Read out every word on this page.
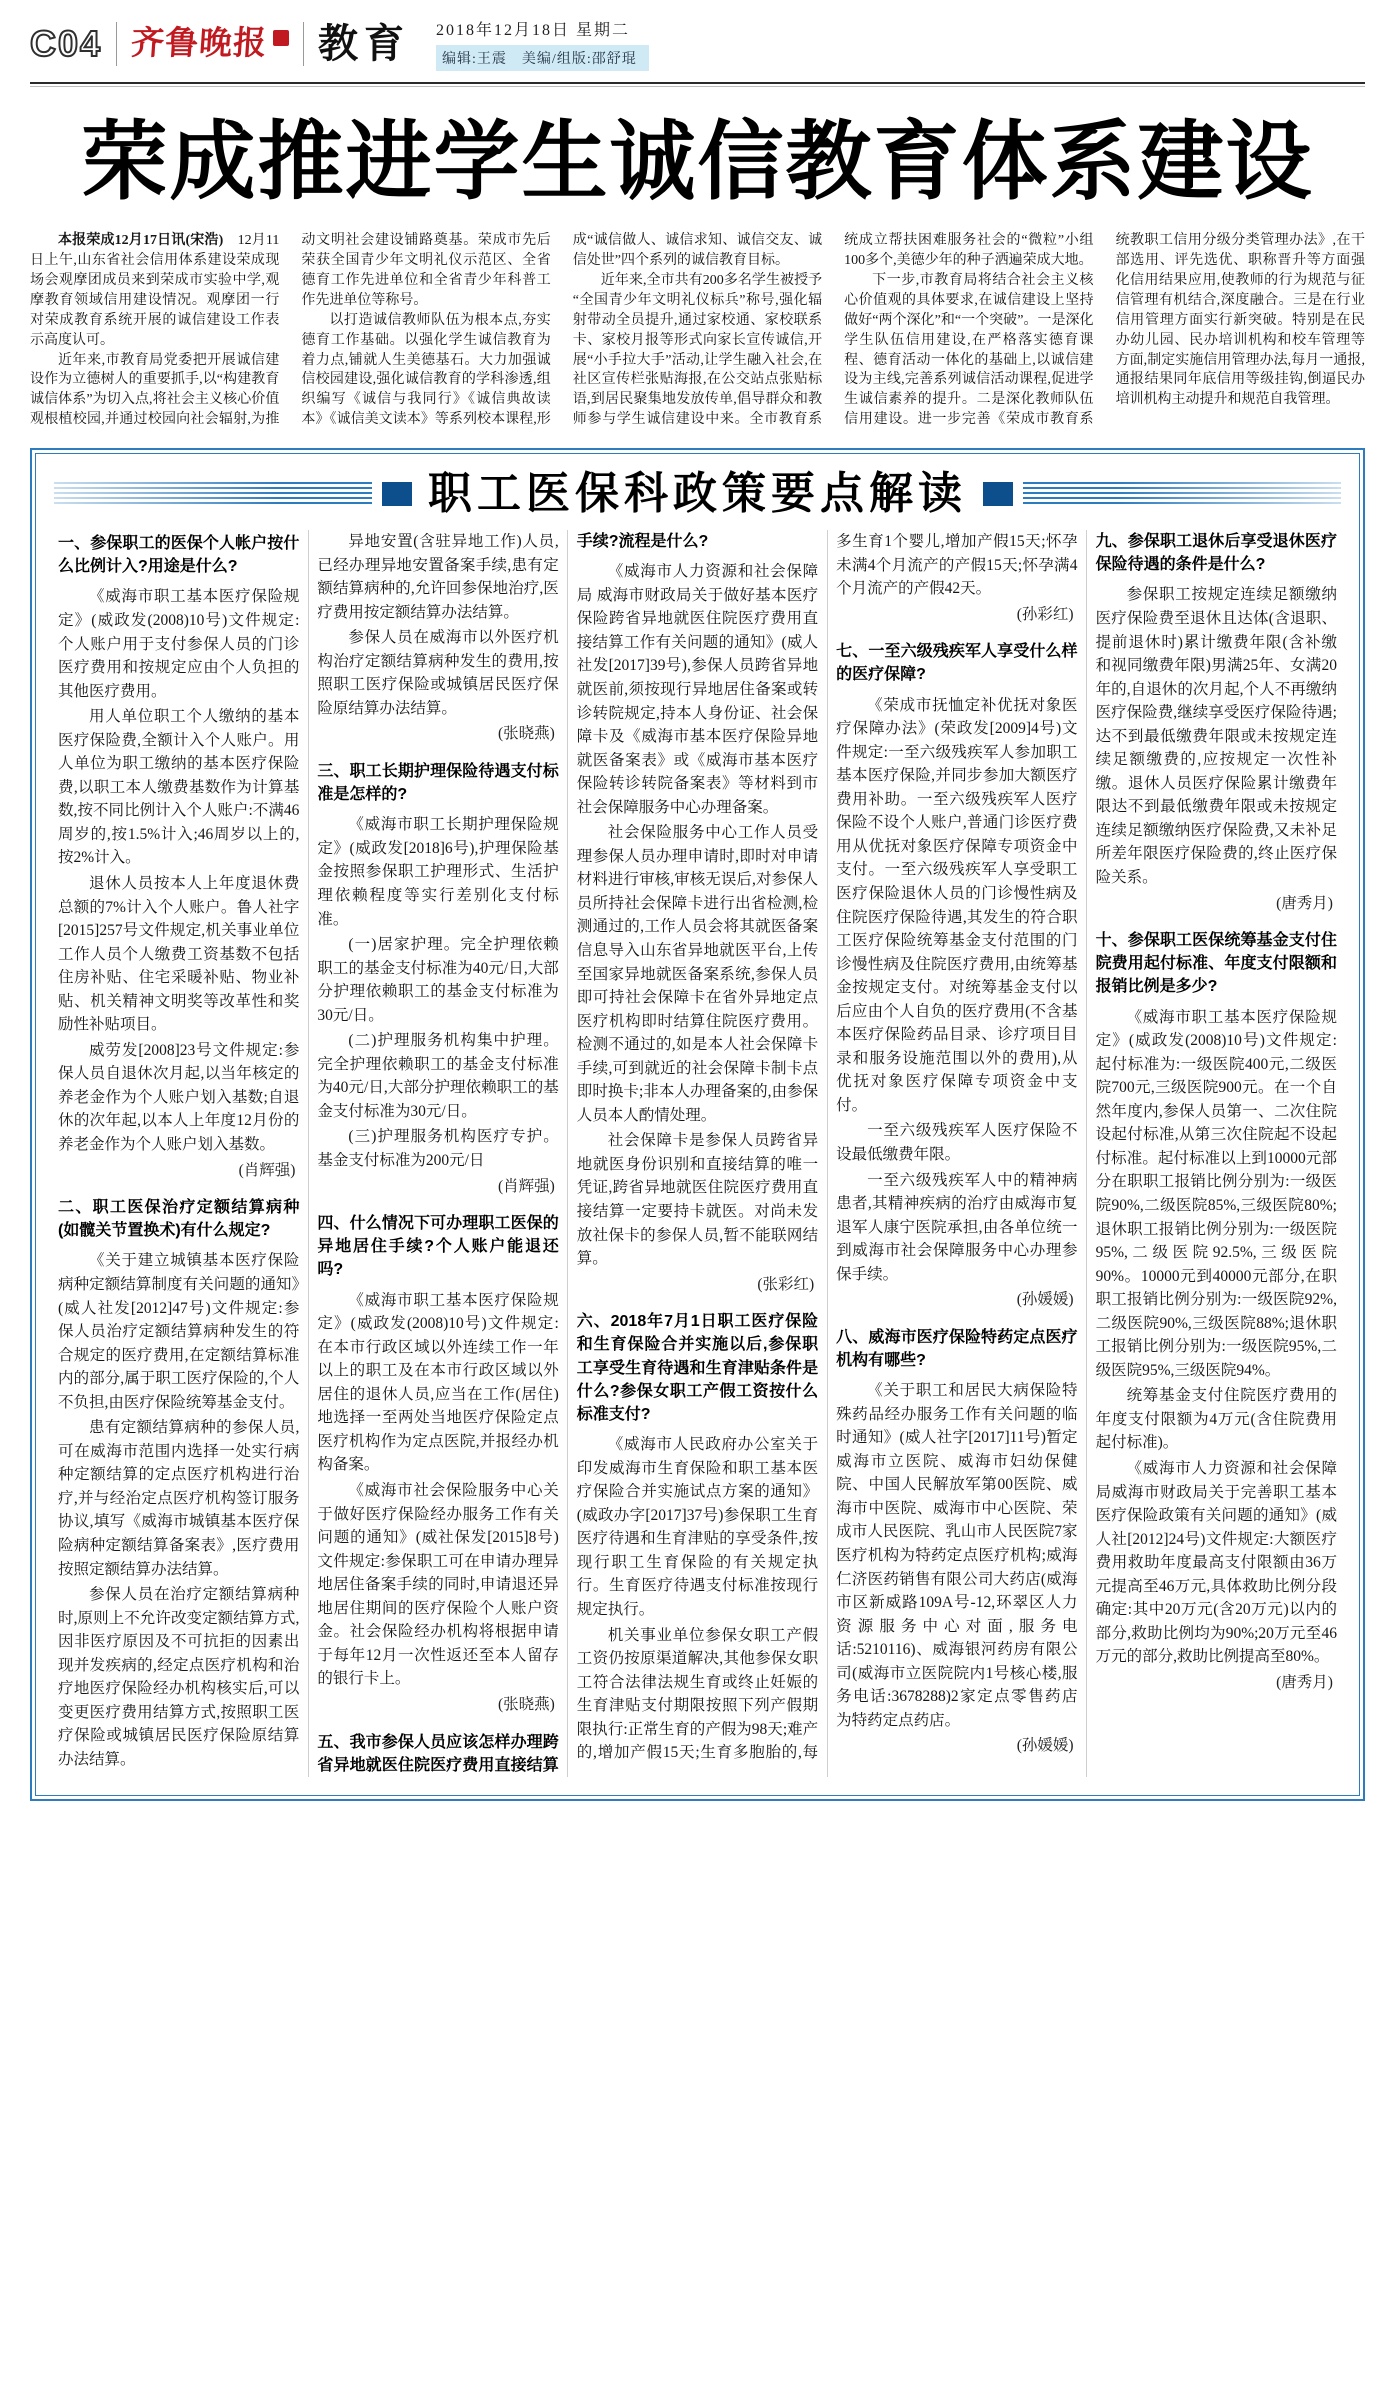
C04 齐鲁晚报 教育 2018年12月18日 星期二
编辑:王震　美编/组版:邵舒琨
荣成推进学生诚信教育体系建设

本报荣成12月17日讯(宋浩)　12月11日上午,山东省社会信用体系建设荣成现场会观摩团成员来到荣成市实验中学,观摩教育领域信用建设情况。观摩团一行对荣成教育系统开展的诚信建设工作表示高度认可。

近年来,市教育局党委把开展诚信建设作为立德树人的重要抓手,以“构建教育诚信体系”为切入点,将社会主义核心价值观根植校园,并通过校园向社会辐射,为推动文明社会建设铺路奠基。荣成市先后荣获全国青少年文明礼仪示范区、全省德育工作先进单位和全省青少年科普工作先进单位等称号。

以打造诚信教师队伍为根本点,夯实德育工作基础。以强化学生诚信教育为着力点,铺就人生美德基石。大力加强诚信校园建设,强化诚信教育的学科渗透,组织编写《诚信与我同行》《诚信典故读本》《诚信美文读本》等系列校本课程,形成“诚信做人、诚信求知、诚信交友、诚信处世”四个系列的诚信教育目标。

近年来,全市共有200多名学生被授予“全国青少年文明礼仪标兵”称号,强化辐射带动全员提升,通过家校通、家校联系卡、家校月报等形式向家长宣传诚信,开展“小手拉大手”活动,让学生融入社会,在社区宣传栏张贴海报,在公交站点张贴标语,到居民聚集地发放传单,倡导群众和教师参与学生诚信建设中来。全市教育系统成立帮扶困难服务社会的“微粒”小组100多个,美德少年的种子洒遍荣成大地。

下一步,市教育局将结合社会主义核心价值观的具体要求,在诚信建设上坚持做好“两个深化”和“一个突破”。一是深化学生队伍信用建设,在严格落实德育课程、德育活动一体化的基础上,以诚信建设为主线,完善系列诚信活动课程,促进学生诚信素养的提升。二是深化教师队伍信用建设。进一步完善《荣成市教育系统教职工信用分级分类管理办法》,在干部选用、评先选优、职称晋升等方面强化信用结果应用,使教师的行为规范与征信管理有机结合,深度融合。三是在行业信用管理方面实行新突破。特别是在民办幼儿园、民办培训机构和校车管理等方面,制定实施信用管理办法,每月一通报,通报结果同年底信用等级挂钩,倒逼民办培训机构主动提升和规范自我管理。

职工医保科政策要点解读
一、参保职工的医保个人帐户按什么比例计入?用途是什么?

《威海市职工基本医疗保险规定》(威政发(2008)10号)文件规定:个人账户用于支付参保人员的门诊医疗费用和按规定应由个人负担的其他医疗费用。

用人单位职工个人缴纳的基本医疗保险费,全额计入个人账户。用人单位为职工缴纳的基本医疗保险费,以职工本人缴费基数作为计算基数,按不同比例计入个人账户:不满46周岁的,按1.5%计入;46周岁以上的,按2%计入。

退休人员按本人上年度退休费总额的7%计入个人账户。鲁人社字[2015]257号文件规定,机关事业单位工作人员个人缴费工资基数不包括住房补贴、住宅采暖补贴、物业补贴、机关精神文明奖等改革性和奖励性补贴项目。

威劳发[2008]23号文件规定:参保人员自退休次月起,以当年核定的养老金作为个人账户划入基数;自退休的次年起,以本人上年度12月份的养老金作为个人账户划入基数。

(肖辉强)

二、职工医保治疗定额结算病种(如髋关节置换术)有什么规定?

《关于建立城镇基本医疗保险病种定额结算制度有关问题的通知》(威人社发[2012]47号)文件规定:参保人员治疗定额结算病种发生的符合规定的医疗费用,在定额结算标准内的部分,属于职工医疗保险的,个人不负担,由医疗保险统筹基金支付。

患有定额结算病种的参保人员,可在威海市范围内选择一处实行病种定额结算的定点医疗机构进行治疗,并与经治定点医疗机构签订服务协议,填写《威海市城镇基本医疗保险病种定额结算备案表》,医疗费用按照定额结算办法结算。

参保人员在治疗定额结算病种时,原则上不允许改变定额结算方式,因非医疗原因及不可抗拒的因素出现并发疾病的,经定点医疗机构和治疗地医疗保险经办机构核实后,可以变更医疗费用结算方式,按照职工医疗保险或城镇居民医疗保险原结算办法结算。

异地安置(含驻异地工作)人员,已经办理异地安置备案手续,患有定额结算病种的,允许回参保地治疗,医疗费用按定额结算办法结算。

参保人员在威海市以外医疗机构治疗定额结算病种发生的费用,按照职工医疗保险或城镇居民医疗保险原结算办法结算。

(张晓燕)

三、职工长期护理保险待遇支付标准是怎样的?

《威海市职工长期护理保险规定》(威政发[2018]6号),护理保险基金按照参保职工护理形式、生活护理依赖程度等实行差别化支付标准。

(一)居家护理。完全护理依赖职工的基金支付标准为40元/日,大部分护理依赖职工的基金支付标准为30元/日。

(二)护理服务机构集中护理。完全护理依赖职工的基金支付标准为40元/日,大部分护理依赖职工的基金支付标准为30元/日。

(三)护理服务机构医疗专护。基金支付标准为200元/日

(肖辉强)

四、什么情况下可办理职工医保的异地居住手续?个人账户能退还吗?

《威海市职工基本医疗保险规定》(威政发(2008)10号)文件规定:在本市行政区域以外连续工作一年以上的职工及在本市行政区域以外居住的退休人员,应当在工作(居住)地选择一至两处当地医疗保险定点医疗机构作为定点医院,并报经办机构备案。

《威海市社会保险服务中心关于做好医疗保险经办服务工作有关问题的通知》(威社保发[2015]8号)文件规定:参保职工可在申请办理异地居住备案手续的同时,申请退还异地居住期间的医疗保险个人账户资金。社会保险经办机构将根据申请于每年12月一次性返还至本人留存的银行卡上。

(张晓燕)

五、我市参保人员应该怎样办理跨省异地就医住院医疗费用直接结算手续?流程是什么?

《威海市人力资源和社会保障局 威海市财政局关于做好基本医疗保险跨省异地就医住院医疗费用直接结算工作有关问题的通知》(威人社发[2017]39号),参保人员跨省异地就医前,须按现行异地居住备案或转诊转院规定,持本人身份证、社会保障卡及《威海市基本医疗保险异地就医备案表》或《威海市基本医疗保险转诊转院备案表》等材料到市社会保障服务中心办理备案。

社会保险服务中心工作人员受理参保人员办理申请时,即时对申请材料进行审核,审核无误后,对参保人员所持社会保障卡进行出省检测,检测通过的,工作人员会将其就医备案信息导入山东省异地就医平台,上传至国家异地就医备案系统,参保人员即可持社会保障卡在省外异地定点医疗机构即时结算住院医疗费用。检测不通过的,如是本人社会保障卡手续,可到就近的社会保障卡制卡点即时换卡;非本人办理备案的,由参保人员本人酌情处理。

社会保障卡是参保人员跨省异地就医身份识别和直接结算的唯一凭证,跨省异地就医住院医疗费用直接结算一定要持卡就医。对尚未发放社保卡的参保人员,暂不能联网结算。

(张彩红)

六、2018年7月1日职工医疗保险和生育保险合并实施以后,参保职工享受生育待遇和生育津贴条件是什么?参保女职工产假工资按什么标准支付?

《威海市人民政府办公室关于印发威海市生育保险和职工基本医疗保险合并实施试点方案的通知》(威政办字[2017]37号)参保职工生育医疗待遇和生育津贴的享受条件,按现行职工生育保险的有关规定执行。生育医疗待遇支付标准按现行规定执行。

机关事业单位参保女职工产假工资仍按原渠道解决,其他参保女职工符合法律法规生育或终止妊娠的生育津贴支付期限按照下列产假期限执行:正常生育的产假为98天;难产的,增加产假15天;生育多胞胎的,每多生育1个婴儿,增加产假15天;怀孕未满4个月流产的产假15天;怀孕满4个月流产的产假42天。

(孙彩红)

七、一至六级残疾军人享受什么样的医疗保障?

《荣成市抚恤定补优抚对象医疗保障办法》(荣政发[2009]4号)文件规定:一至六级残疾军人参加职工基本医疗保险,并同步参加大额医疗费用补助。一至六级残疾军人医疗保险不设个人账户,普通门诊医疗费用从优抚对象医疗保障专项资金中支付。一至六级残疾军人享受职工医疗保险退休人员的门诊慢性病及住院医疗保险待遇,其发生的符合职工医疗保险统筹基金支付范围的门诊慢性病及住院医疗费用,由统筹基金按规定支付。对统筹基金支付以后应由个人自负的医疗费用(不含基本医疗保险药品目录、诊疗项目目录和服务设施范围以外的费用),从优抚对象医疗保障专项资金中支付。

一至六级残疾军人医疗保险不设最低缴费年限。

一至六级残疾军人中的精神病患者,其精神疾病的治疗由威海市复退军人康宁医院承担,由各单位统一到威海市社会保障服务中心办理参保手续。

(孙媛媛)

八、威海市医疗保险特药定点医疗机构有哪些?

《关于职工和居民大病保险特殊药品经办服务工作有关问题的临时通知》(威人社字[2017]11号)暂定威海市立医院、威海市妇幼保健院、中国人民解放军第00医院、威海市中医院、威海市中心医院、荣成市人民医院、乳山市人民医院7家医疗机构为特药定点医疗机构;威海仁济医药销售有限公司大药店(威海市区新威路109A号-12,环翠区人力资源服务中心对面,服务电话:5210116)、威海银河药房有限公司(威海市立医院院内1号核心楼,服务电话:3678288)2家定点零售药店为特药定点药店。

(孙媛媛)

九、参保职工退休后享受退休医疗保险待遇的条件是什么?

参保职工按规定连续足额缴纳医疗保险费至退休且达体(含退职、提前退休时)累计缴费年限(含补缴和视同缴费年限)男满25年、女满20年的,自退休的次月起,个人不再缴纳医疗保险费,继续享受医疗保险待遇;达不到最低缴费年限或未按规定连续足额缴费的,应按规定一次性补缴。退休人员医疗保险累计缴费年限达不到最低缴费年限或未按规定连续足额缴纳医疗保险费,又未补足所差年限医疗保险费的,终止医疗保险关系。

(唐秀月)

十、参保职工医保统筹基金支付住院费用起付标准、年度支付限额和报销比例是多少?

《威海市职工基本医疗保险规定》(威政发(2008)10号)文件规定:起付标准为:一级医院400元,二级医院700元,三级医院900元。在一个自然年度内,参保人员第一、二次住院设起付标准,从第三次住院起不设起付标准。起付标准以上到10000元部分在职职工报销比例分别为:一级医院90%,二级医院85%,三级医院80%;退休职工报销比例分别为:一级医院95%,二级医院92.5%,三级医院90%。10000元到40000元部分,在职职工报销比例分别为:一级医院92%,二级医院90%,三级医院88%;退休职工报销比例分别为:一级医院95%,二级医院95%,三级医院94%。

统筹基金支付住院医疗费用的年度支付限额为4万元(含住院费用起付标准)。

《威海市人力资源和社会保障局威海市财政局关于完善职工基本医疗保险政策有关问题的通知》(威人社[2012]24号)文件规定:大额医疗费用救助年度最高支付限额由36万元提高至46万元,具体救助比例分段确定:其中20万元(含20万元)以内的部分,救助比例均为90%;20万元至46万元的部分,救助比例提高至80%。

(唐秀月)
